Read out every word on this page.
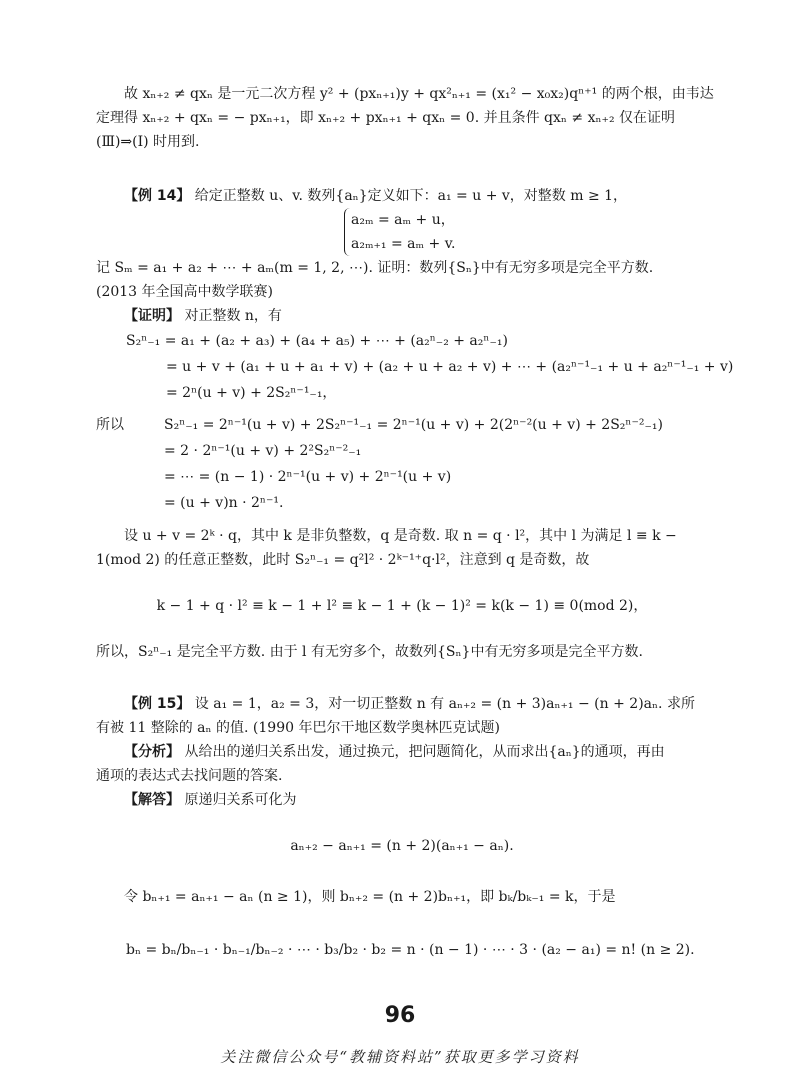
故 xₙ₊₂ ≠ qxₙ 是一元二次方程 y² + (pxₙ₊₁)y + qx²ₙ₊₁ = (x₁² − x₀x₂)qⁿ⁺¹ 的两个根，由韦达

定理得 xₙ₊₂ + qxₙ = − pxₙ₊₁，即 xₙ₊₂ + pxₙ₊₁ + qxₙ = 0. 并且条件 qxₙ ≠ xₙ₊₂ 仅在证明

(Ⅲ)⇒(Ⅰ) 时用到.

【例 14】 给定正整数 u、v. 数列{aₙ}定义如下：a₁ = u + v，对整数 m ≥ 1，

a₂ₘ = aₘ + u，

a₂ₘ₊₁ = aₘ + v.

记 Sₘ = a₁ + a₂ + ⋯ + aₘ(m = 1, 2, ⋯). 证明：数列{Sₙ}中有无穷多项是完全平方数.

(2013 年全国高中数学联赛)

【证明】 对正整数 n，有

S₂ⁿ₋₁ = a₁ + (a₂ + a₃) + (a₄ + a₅) + ⋯ + (a₂ⁿ₋₂ + a₂ⁿ₋₁)

= u + v + (a₁ + u + a₁ + v) + (a₂ + u + a₂ + v) + ⋯ + (a₂ⁿ⁻¹₋₁ + u + a₂ⁿ⁻¹₋₁ + v)

= 2ⁿ(u + v) + 2S₂ⁿ⁻¹₋₁，

所以	S₂ⁿ₋₁ = 2ⁿ⁻¹(u + v) + 2S₂ⁿ⁻¹₋₁ = 2ⁿ⁻¹(u + v) + 2(2ⁿ⁻²(u + v) + 2S₂ⁿ⁻²₋₁)

= 2 · 2ⁿ⁻¹(u + v) + 2²S₂ⁿ⁻²₋₁

= ⋯ = (n − 1) · 2ⁿ⁻¹(u + v) + 2ⁿ⁻¹(u + v)

= (u + v)n · 2ⁿ⁻¹.

设 u + v = 2ᵏ · q，其中 k 是非负整数，q 是奇数. 取 n = q · l²，其中 l 为满足 l ≡ k −

1(mod 2) 的任意正整数，此时 S₂ⁿ₋₁ = q²l² · 2ᵏ⁻¹⁺q·l²，注意到 q 是奇数，故

k − 1 + q · l² ≡ k − 1 + l² ≡ k − 1 + (k − 1)² = k(k − 1) ≡ 0(mod 2)，

所以，S₂ⁿ₋₁ 是完全平方数. 由于 l 有无穷多个，故数列{Sₙ}中有无穷多项是完全平方数.

【例 15】 设 a₁ = 1，a₂ = 3，对一切正整数 n 有 aₙ₊₂ = (n + 3)aₙ₊₁ − (n + 2)aₙ. 求所

有被 11 整除的 aₙ 的值. (1990 年巴尔干地区数学奥林匹克试题)

【分析】 从给出的递归关系出发，通过换元，把问题简化，从而求出{aₙ}的通项，再由

通项的表达式去找问题的答案.

【解答】 原递归关系可化为

aₙ₊₂ − aₙ₊₁ = (n + 2)(aₙ₊₁ − aₙ).

令 bₙ₊₁ = aₙ₊₁ − aₙ (n ≥ 1)，则 bₙ₊₂ = (n + 2)bₙ₊₁，即 bₖ/bₖ₋₁ = k，于是

bₙ = bₙ/bₙ₋₁ · bₙ₋₁/bₙ₋₂ · ⋯ · b₃/b₂ · b₂ = n · (n − 1) · ⋯ · 3 · (a₂ − a₁) = n! (n ≥ 2).

96
关注微信公众号“教辅资料站”获取更多学习资料
